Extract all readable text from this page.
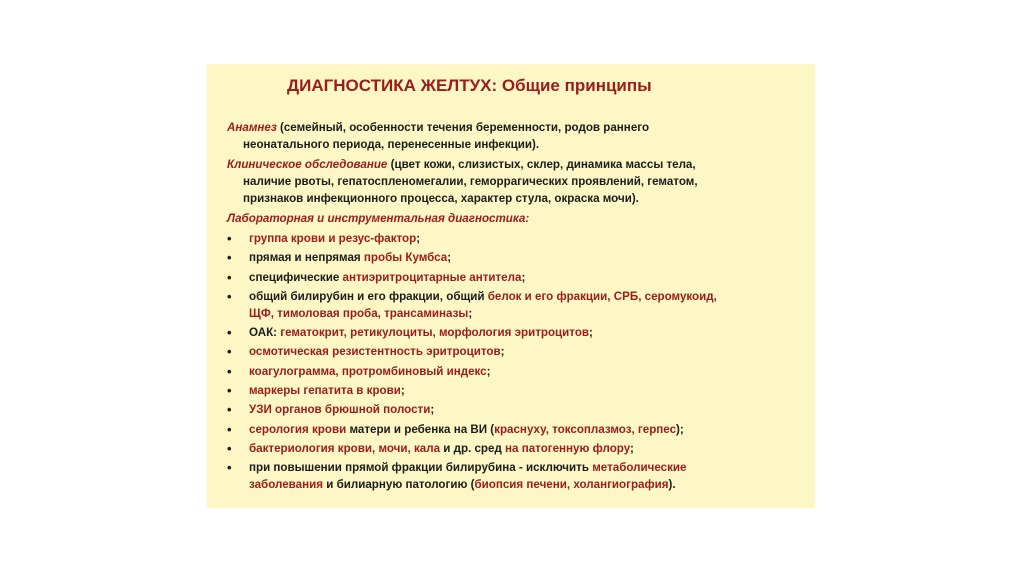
ДИАГНОСТИКА ЖЕЛТУХ: Общие принципы

Анамнез (семейный, особенности течения беременности, родов раннего
неонатального периода, перенесенные инфекции).

Клиническое обследование (цвет кожи, слизистых, склер, динамика массы тела,
наличие рвоты, гепатоспленомегалии, геморрагических проявлений, гематом,
признаков инфекционного процесса, характер стула, окраска мочи).

Лабораторная и инструментальная диагностика:

• группа крови и резус-фактор;
• прямая и непрямая пробы Кумбса;
• специфические антиэритроцитарные антитела;
• общий билирубин и его фракции, общий белок и его фракции, СРБ, серомукоид,
ЩФ, тимоловая проба, трансаминазы;
• ОАК: гематокрит, ретикулоциты, морфология эритроцитов;
• осмотическая резистентность эритроцитов;
• коагулограмма, протромбиновый индекс;
• маркеры гепатита в крови;
• УЗИ органов брюшной полости;
• серология крови матери и ребенка на ВИ (краснуху, токсоплазмоз, герпес);
• бактериология крови, мочи, кала и др. сред на патогенную флору;
• при повышении прямой фракции билирубина - исключить метаболические
заболевания и билиарную патологию (биопсия печени, холангиография).
